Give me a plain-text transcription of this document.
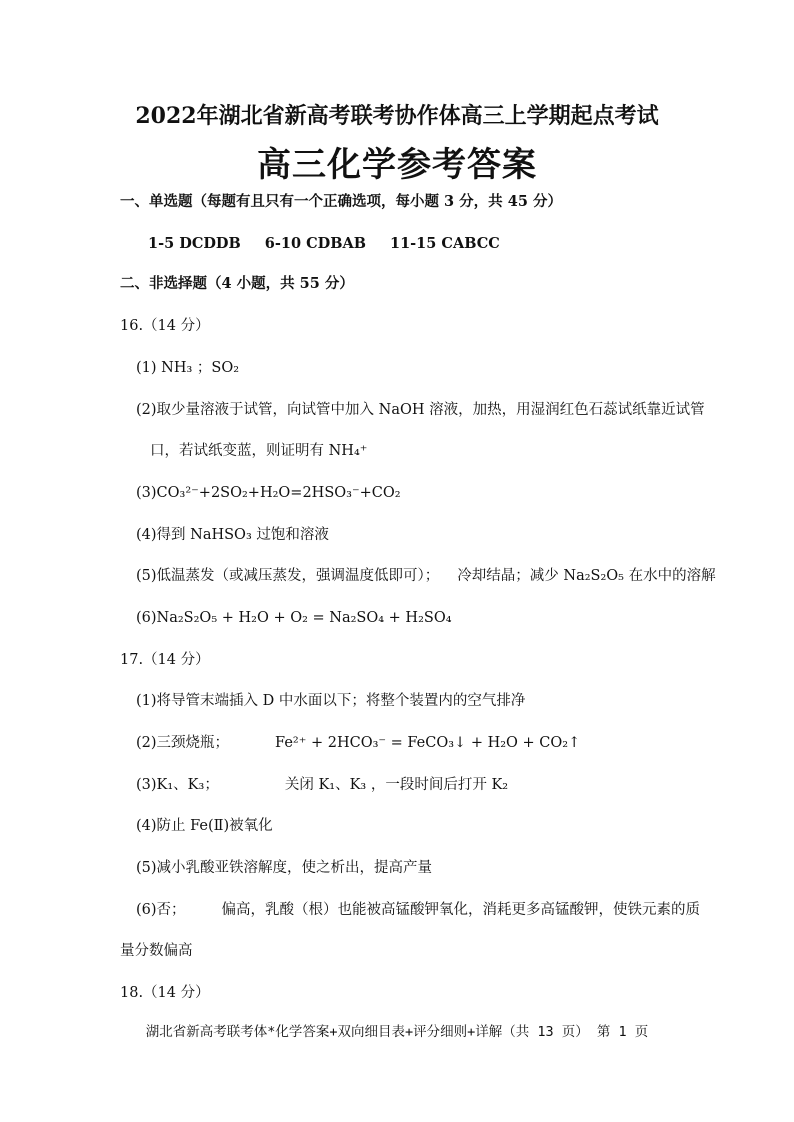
2022年湖北省新高考联考协作体高三上学期起点考试
高三化学参考答案
一、单选题（每题有且只有一个正确选项，每小题 3 分，共 45 分）
1-5 DCDDB 6-10 CDBAB 11-15 CABCC
二、非选择题（4 小题，共 55 分）
16.（14 分）
(1) NH₃ ；SO₂
(2)取少量溶液于试管，向试管中加入 NaOH 溶液，加热，用湿润红色石蕊试纸靠近试管
口，若试纸变蓝，则证明有 NH₄⁺
(3)CO₃²⁻+2SO₂+H₂O=2HSO₃⁻+CO₂
(4)得到 NaHSO₃ 过饱和溶液
(5)低温蒸发（或减压蒸发，强调温度低即可）； 冷却结晶；减少 Na₂S₂O₅ 在水中的溶解
(6)Na₂S₂O₅ + H₂O + O₂ = Na₂SO₄ + H₂SO₄
17.（14 分）
(1)将导管末端插入 D 中水面以下；将整个装置内的空气排净
(2)三颈烧瓶；	Fe²⁺ + 2HCO₃⁻ = FeCO₃↓ + H₂O + CO₂↑
(3)K₁、K₃；	关闭 K₁、K₃ ，一段时间后打开 K₂
(4)防止 Fe(Ⅱ)被氧化
(5)减小乳酸亚铁溶解度，使之析出，提高产量
(6)否； 偏高，乳酸（根）也能被高锰酸钾氧化，消耗更多高锰酸钾，使铁元素的质
量分数偏高
18.（14 分）
湖北省新高考联考体*化学答案+双向细目表+评分细则+详解（共 13 页） 第 1 页
